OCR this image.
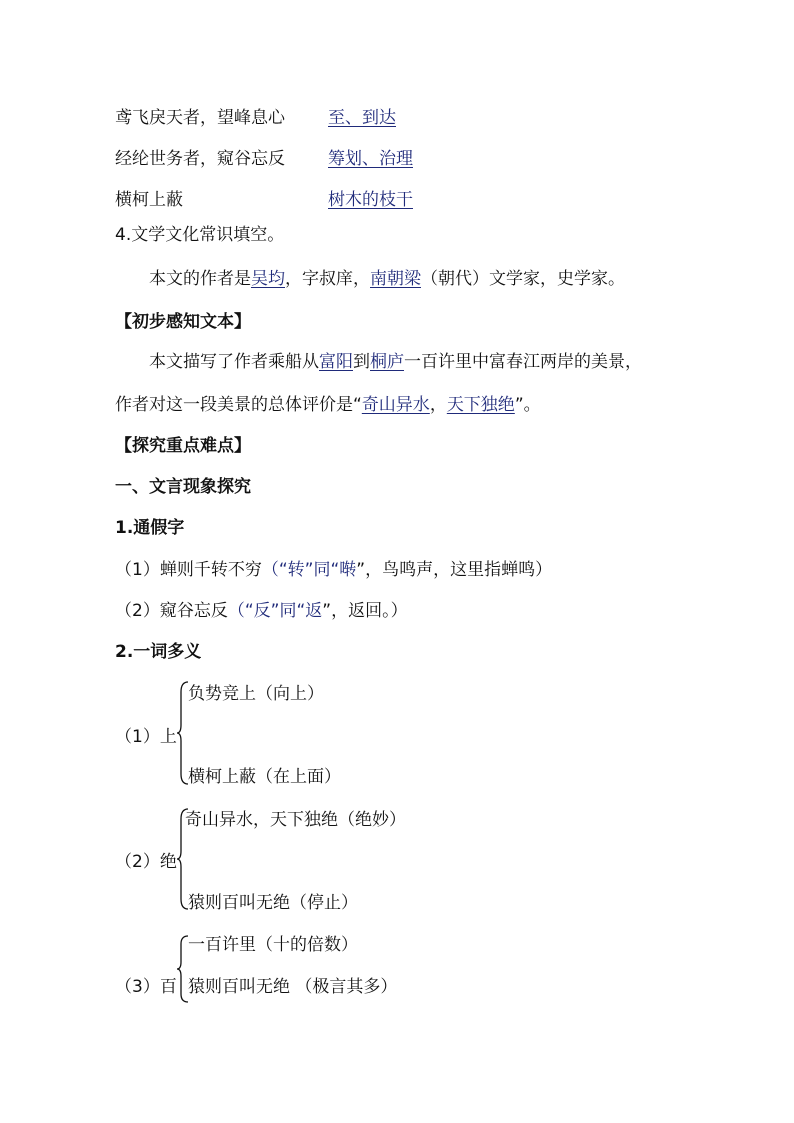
鸢飞戾天者，望峰息心	至、到达
经纶世务者，窥谷忘反	筹划、治理
横柯上蔽	树木的枝干
4.文学文化常识填空。
本文的作者是吴均，字叔庠，南朝梁（朝代）文学家，史学家。
【初步感知文本】
本文描写了作者乘船从富阳到桐庐一百许里中富春江两岸的美景，
作者对这一段美景的总体评价是“奇山异水，天下独绝”。
【探究重点难点】
一、文言现象探究
1.通假字
（1）蝉则千转不穷（“转”同“啭”，鸟鸣声，这里指蝉鸣）
（2）窥谷忘反（“反”同“返”，返回。）
2.一词多义
（1）上
负势竞上（向上）
横柯上蔽（在上面）
（2）绝
奇山异水，天下独绝（绝妙）
猿则百叫无绝（停止）
（3）百
一百许里（十的倍数）
猿则百叫无绝 （极言其多）
